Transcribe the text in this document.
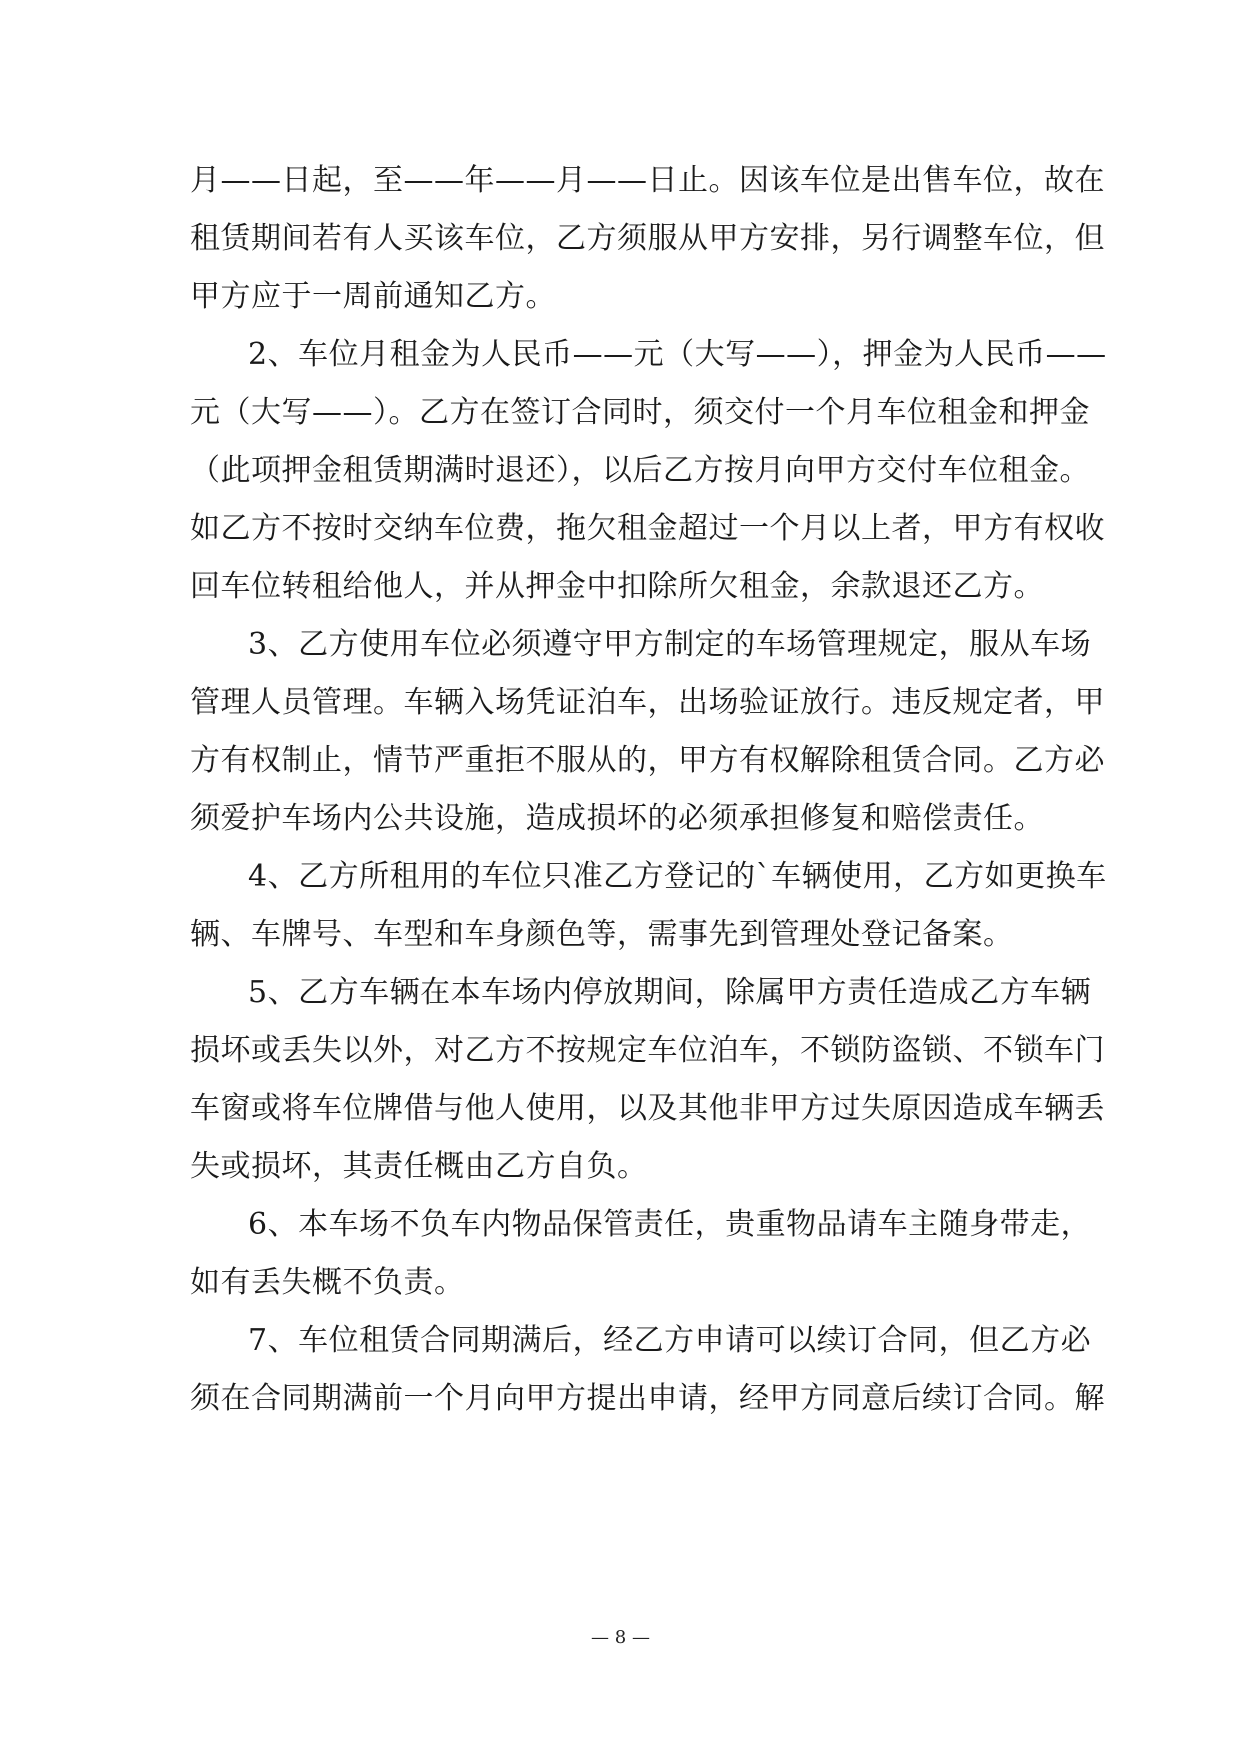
月——日起，至——年——月——日止。因该车位是出售车位，故在
租赁期间若有人买该车位，乙方须服从甲方安排，另行调整车位，但
甲方应于一周前通知乙方。
2、车位月租金为人民币——元（大写——），押金为人民币——
元（大写——）。乙方在签订合同时，须交付一个月车位租金和押金
（此项押金租赁期满时退还），以后乙方按月向甲方交付车位租金。
如乙方不按时交纳车位费，拖欠租金超过一个月以上者，甲方有权收
回车位转租给他人，并从押金中扣除所欠租金，余款退还乙方。
3、乙方使用车位必须遵守甲方制定的车场管理规定，服从车场
管理人员管理。车辆入场凭证泊车，出场验证放行。违反规定者，甲
方有权制止，情节严重拒不服从的，甲方有权解除租赁合同。乙方必
须爱护车场内公共设施，造成损坏的必须承担修复和赔偿责任。
4、乙方所租用的车位只准乙方登记的`车辆使用，乙方如更换车
辆、车牌号、车型和车身颜色等，需事先到管理处登记备案。
5、乙方车辆在本车场内停放期间，除属甲方责任造成乙方车辆
损坏或丢失以外，对乙方不按规定车位泊车，不锁防盗锁、不锁车门
车窗或将车位牌借与他人使用，以及其他非甲方过失原因造成车辆丢
失或损坏，其责任概由乙方自负。
6、本车场不负车内物品保管责任，贵重物品请车主随身带走，
如有丢失概不负责。
7、车位租赁合同期满后，经乙方申请可以续订合同，但乙方必
须在合同期满前一个月向甲方提出申请，经甲方同意后续订合同。解
— 8 —
